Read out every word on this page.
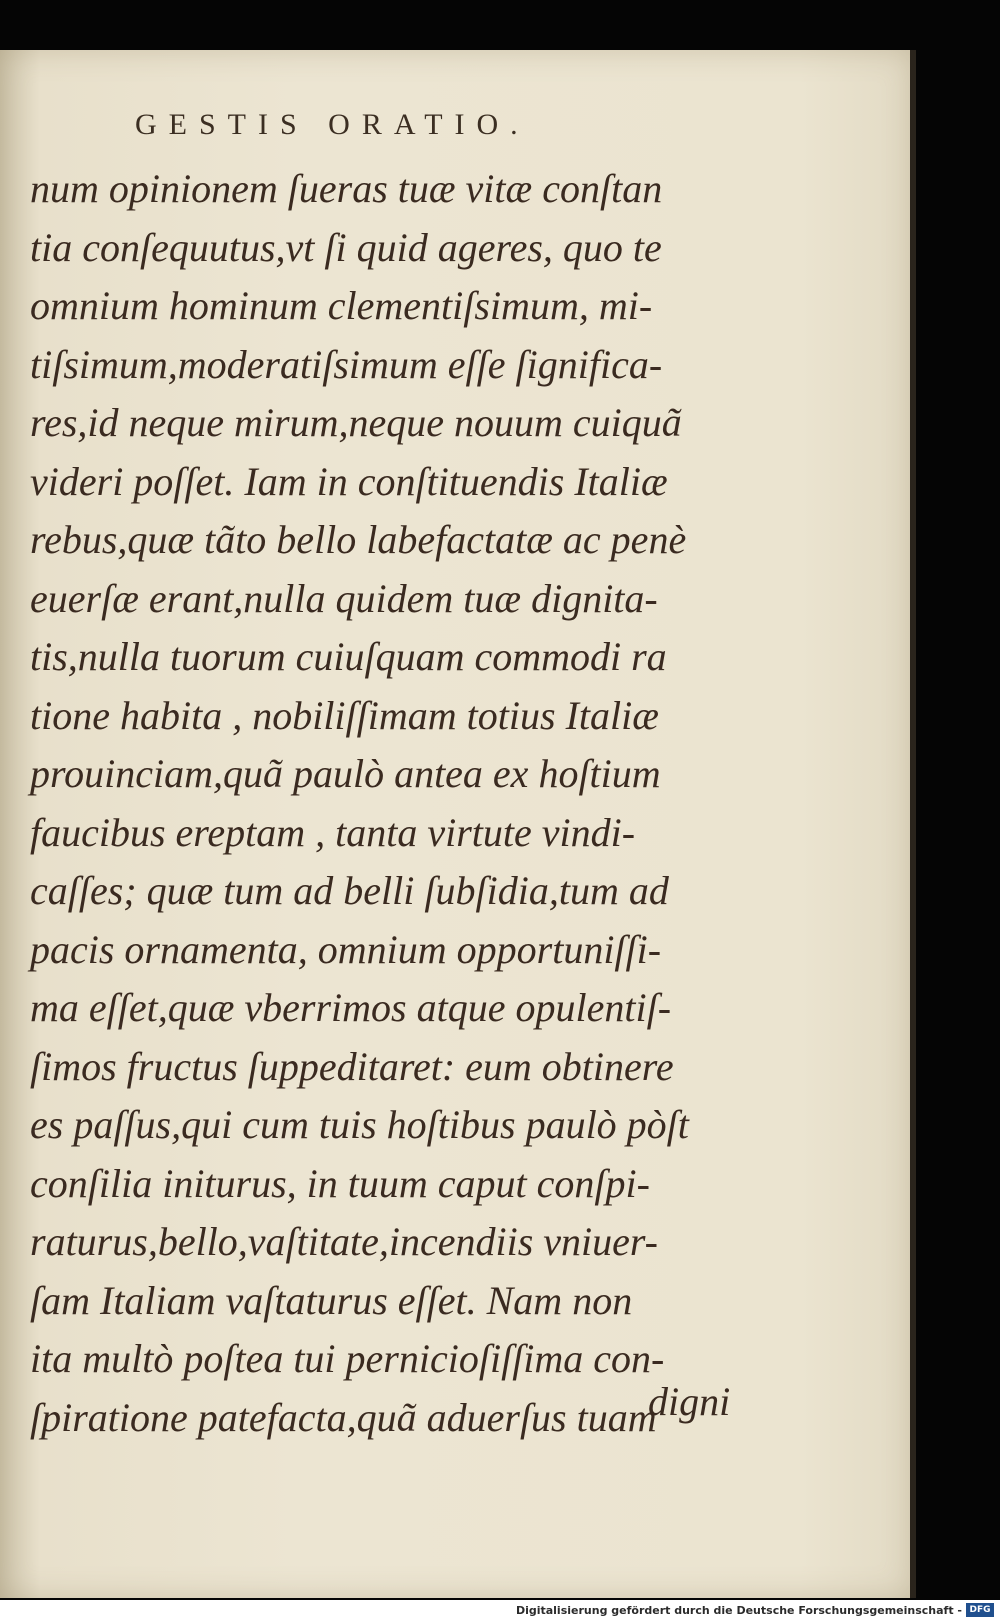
GESTIS ORATIO.
num opinionem ſueras tuæ vitæ conſtan
tia conſequutus,vt ſi quid ageres, quo te
omnium hominum clementiſsimum, mi-
tiſsimum,moderatiſsimum eſſe ſignifica-
res,id neque mirum,neque nouum cuiquã
videri poſſet. Iam in conſtituendis Italiæ
rebus,quæ tãto bello labefactatæ ac penè
euerſæ erant,nulla quidem tuæ dignita-
tis,nulla tuorum cuiuſquam commodi ra
tione habita , nobiliſſimam totius Italiæ
prouinciam,quã paulò antea ex hoſtium
faucibus ereptam , tanta virtute vindi-
caſſes; quæ tum ad belli ſubſidia,tum ad
pacis ornamenta, omnium opportuniſſi-
ma eſſet,quæ vberrimos atque opulentiſ-
ſimos fructus ſuppeditaret: eum obtinere
es paſſus,qui cum tuis hoſtibus paulò pòſt
conſilia initurus, in tuum caput conſpi-
raturus,bello,vaſtitate,incendiis vniuer-
ſam Italiam vaſtaturus eſſet. Nam non
ita multò poſtea tui pernicioſiſſima con-
ſpiratione patefacta,quã aduerſus tuam
digni
Digitalisierung gefördert durch die Deutsche Forschungsgemeinschaft - DFG
